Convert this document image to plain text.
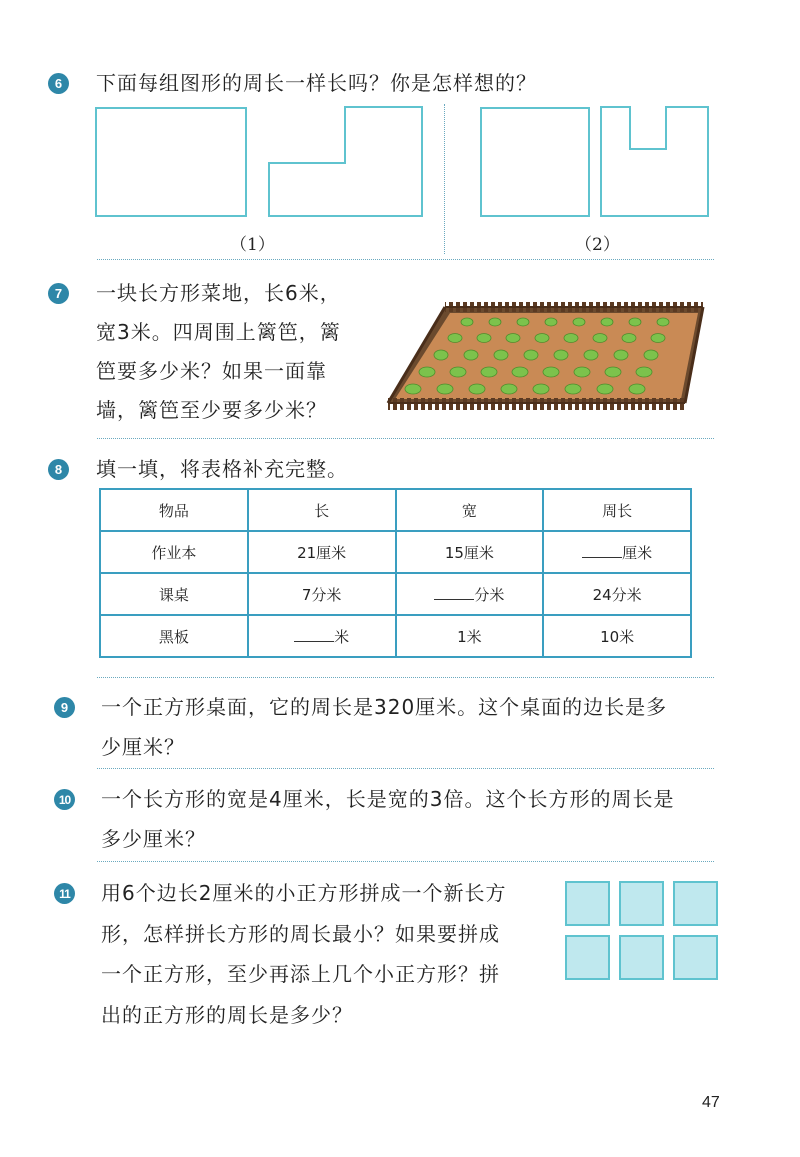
6	下面每组图形的周长一样长吗？你是怎样想的？

（1）	（2）
7	一块长方形菜地，长6米，

宽3米。四周围上篱笆，篱

笆要多少米？如果一面靠

墙，篱笆至少要多少米？

8	填一填，将表格补充完整。

物品	长	宽	周长
作业本	21厘米	15厘米	厘米
课桌	7分米	分米	24分米
黑板	米	1米	10米
9	一个正方形桌面，它的周长是320厘米。这个桌面的边长是多

少厘米？

10 一个长方形的宽是4厘米，长是宽的3倍。这个长方形的周长是

多少厘米？

11 用6个边长2厘米的小正方形拼成一个新长方

形，怎样拼长方形的周长最小？如果要拼成

一个正方形，至少再添上几个小正方形？拼

出的正方形的周长是多少？

47
